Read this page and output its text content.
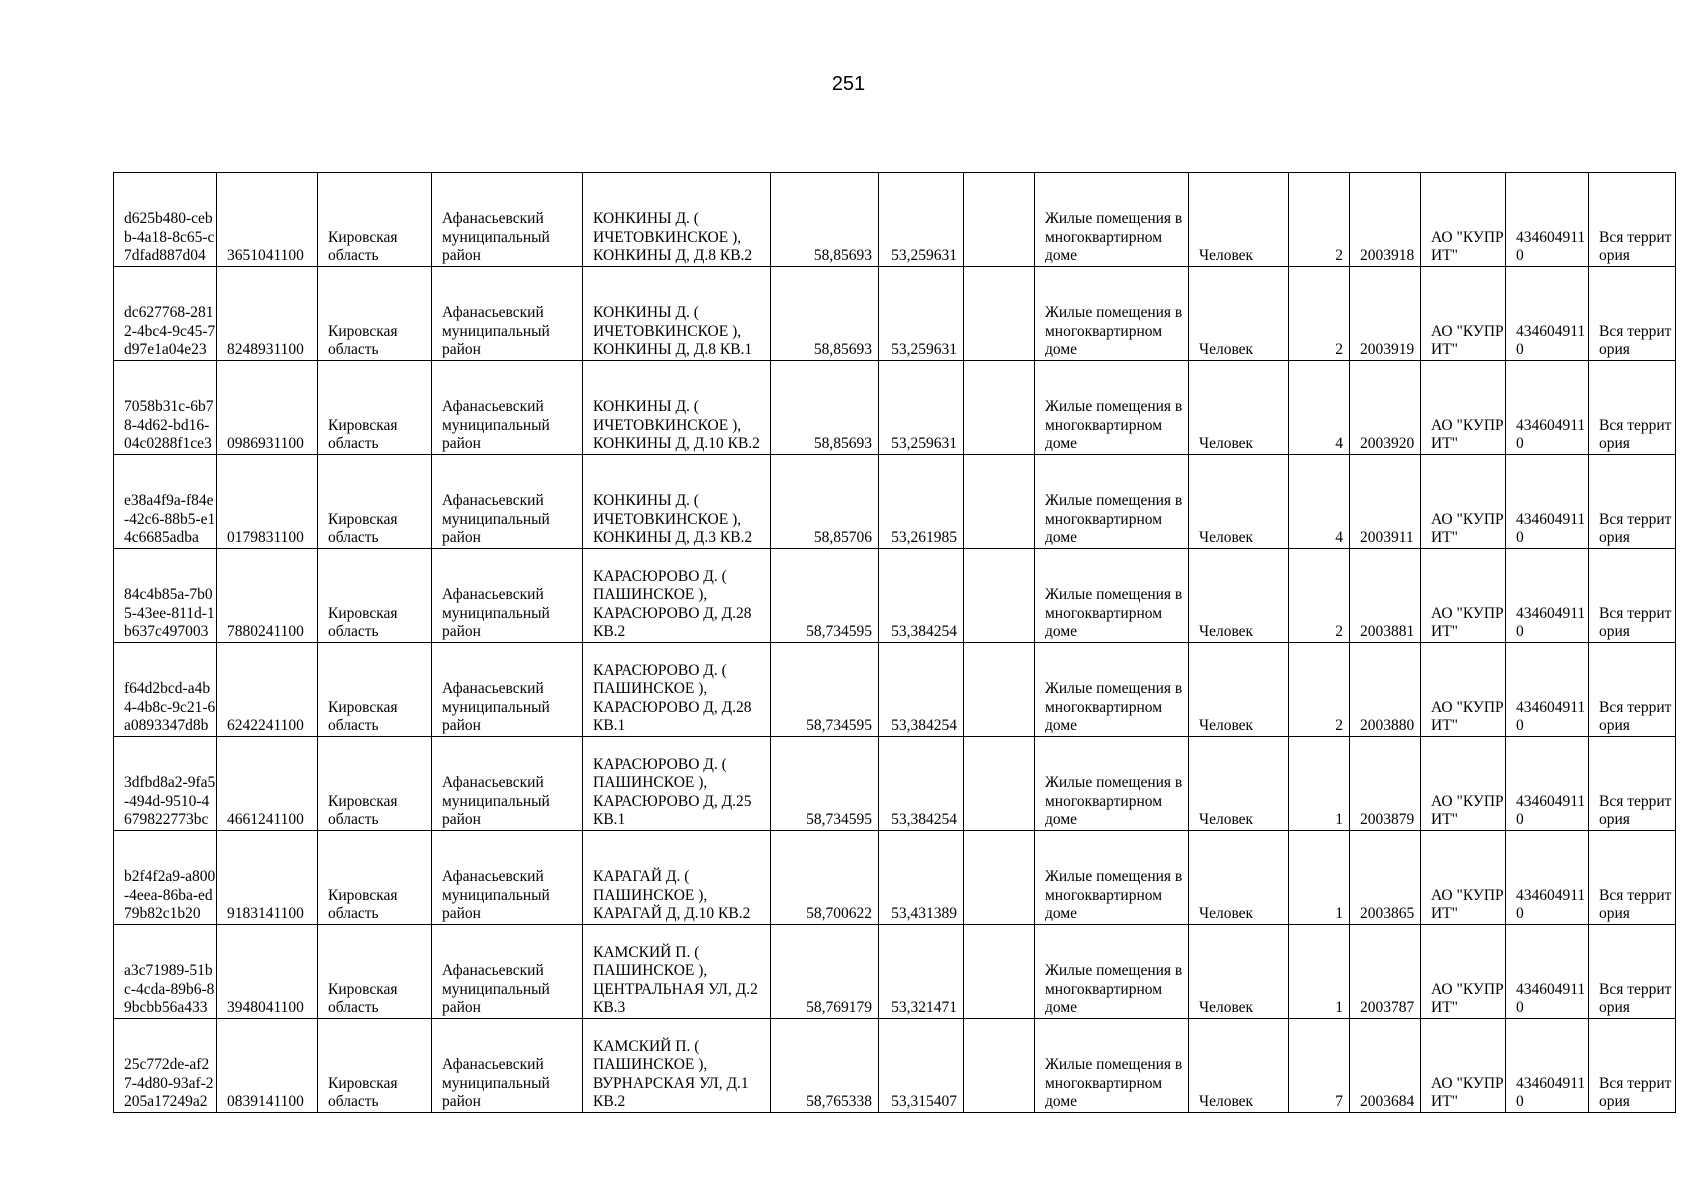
251
d625b480-cebb-4a18-8c65-c7dfad887d04	3651041100	Кировская область	Афанасьевский муниципальный район	КОНКИНЫ Д. ( ИЧЕТОВКИНСКОЕ ), КОНКИНЫ Д, Д.8 КВ.2	58,85693	53,259631		Жилые помещения в многоквартирном доме	Человек	2	2003918	АО "КУПРИТ"	4346049110	Вся территория
dc627768-2812-4bc4-9c45-7d97e1a04e23	8248931100	Кировская область	Афанасьевский муниципальный район	КОНКИНЫ Д. ( ИЧЕТОВКИНСКОЕ ), КОНКИНЫ Д, Д.8 КВ.1	58,85693	53,259631		Жилые помещения в многоквартирном доме	Человек	2	2003919	АО "КУПРИТ"	4346049110	Вся территория
7058b31c-6b78-4d62-bd16-04c0288f1ce3	0986931100	Кировская область	Афанасьевский муниципальный район	КОНКИНЫ Д. ( ИЧЕТОВКИНСКОЕ ), КОНКИНЫ Д, Д.10 КВ.2	58,85693	53,259631		Жилые помещения в многоквартирном доме	Человек	4	2003920	АО "КУПРИТ"	4346049110	Вся территория
e38a4f9a-f84e-42c6-88b5-e14c6685adba	0179831100	Кировская область	Афанасьевский муниципальный район	КОНКИНЫ Д. ( ИЧЕТОВКИНСКОЕ ), КОНКИНЫ Д, Д.3 КВ.2	58,85706	53,261985		Жилые помещения в многоквартирном доме	Человек	4	2003911	АО "КУПРИТ"	4346049110	Вся территория
84c4b85a-7b05-43ee-811d-1b637c497003	7880241100	Кировская область	Афанасьевский муниципальный район	КАРАСЮРОВО Д. ( ПАШИНСКОЕ ), КАРАСЮРОВО Д, Д.28 КВ.2	58,734595	53,384254		Жилые помещения в многоквартирном доме	Человек	2	2003881	АО "КУПРИТ"	4346049110	Вся территория
f64d2bcd-a4b4-4b8c-9c21-6a0893347d8b	6242241100	Кировская область	Афанасьевский муниципальный район	КАРАСЮРОВО Д. ( ПАШИНСКОЕ ), КАРАСЮРОВО Д, Д.28 КВ.1	58,734595	53,384254		Жилые помещения в многоквартирном доме	Человек	2	2003880	АО "КУПРИТ"	4346049110	Вся территория
3dfbd8a2-9fa5-494d-9510-4679822773bc	4661241100	Кировская область	Афанасьевский муниципальный район	КАРАСЮРОВО Д. ( ПАШИНСКОЕ ), КАРАСЮРОВО Д, Д.25 КВ.1	58,734595	53,384254		Жилые помещения в многоквартирном доме	Человек	1	2003879	АО "КУПРИТ"	4346049110	Вся территория
b2f4f2a9-a800-4eea-86ba-ed79b82c1b20	9183141100	Кировская область	Афанасьевский муниципальный район	КАРАГАЙ Д. ( ПАШИНСКОЕ ), КАРАГАЙ Д, Д.10 КВ.2	58,700622	53,431389		Жилые помещения в многоквартирном доме	Человек	1	2003865	АО "КУПРИТ"	4346049110	Вся территория
a3c71989-51bc-4cda-89b6-89bcbb56a433	3948041100	Кировская область	Афанасьевский муниципальный район	КАМСКИЙ П. ( ПАШИНСКОЕ ), ЦЕНТРАЛЬНАЯ УЛ, Д.2 КВ.3	58,769179	53,321471		Жилые помещения в многоквартирном доме	Человек	1	2003787	АО "КУПРИТ"	4346049110	Вся территория
25c772de-af27-4d80-93af-2205a17249a2	0839141100	Кировская область	Афанасьевский муниципальный район	КАМСКИЙ П. ( ПАШИНСКОЕ ), ВУРНАРСКАЯ УЛ, Д.1 КВ.2	58,765338	53,315407		Жилые помещения в многоквартирном доме	Человек	7	2003684	АО "КУПРИТ"	4346049110	Вся территория
